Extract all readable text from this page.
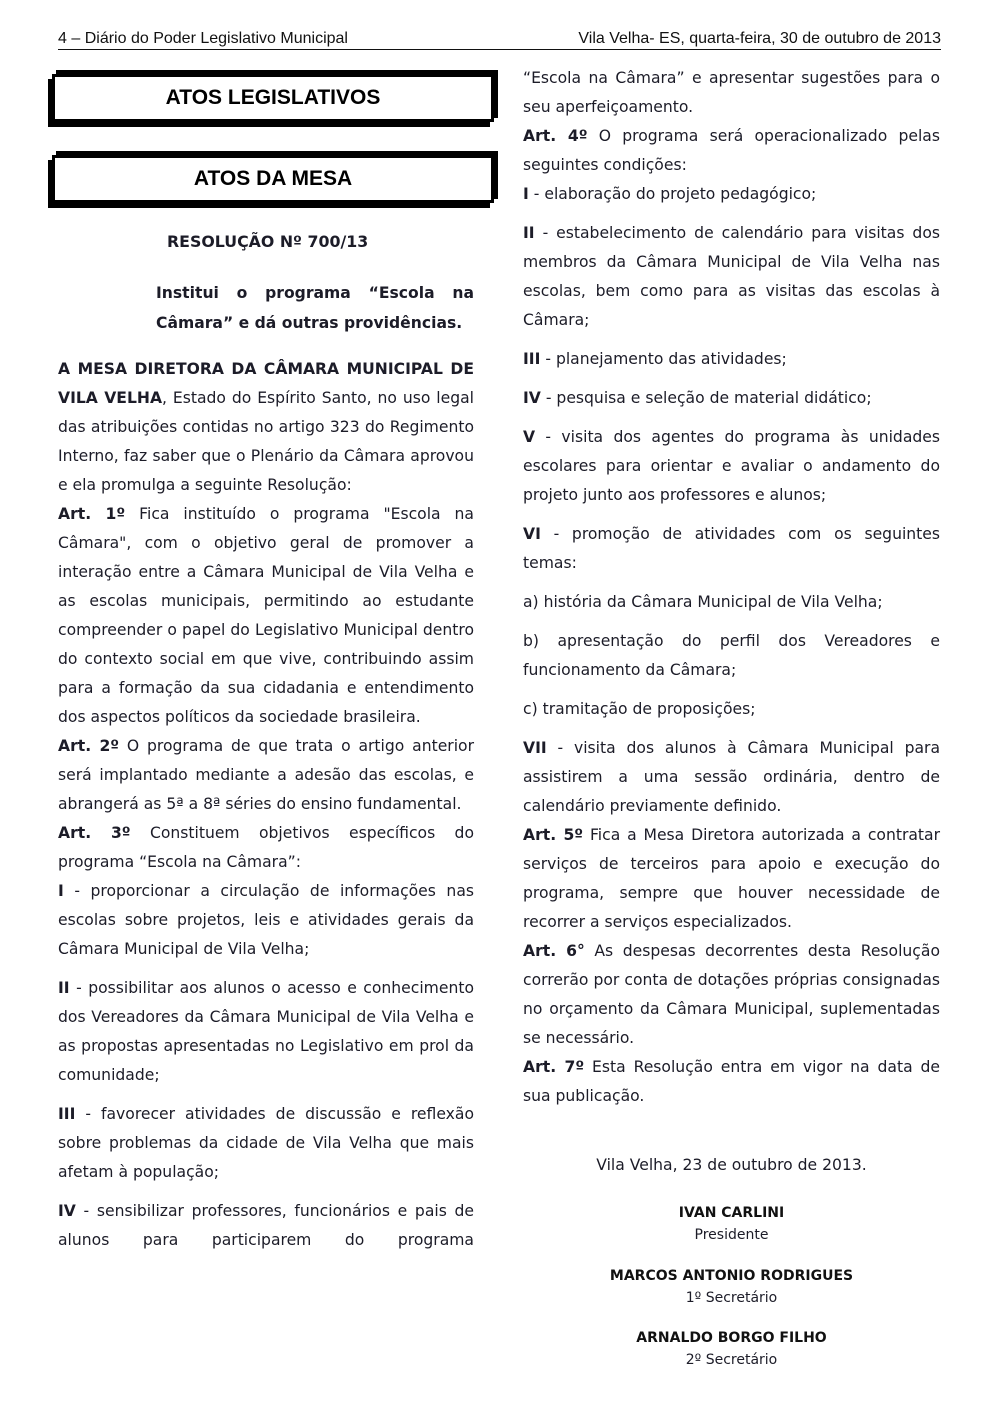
4 – Diário do Poder Legislativo Municipal	Vila Velha- ES, quarta-feira, 30 de outubro de 2013
ATOS LEGISLATIVOS
ATOS DA MESA
RESOLUÇÃO Nº 700/13
Institui o programa “Escola na
Câmara” e dá outras providências.

A MESA DIRETORA DA CÂMARA MUNICIPAL DE VILA VELHA, Estado do Espírito Santo, no uso legal das atribuições contidas no artigo 323 do Regimento Interno, faz saber que o Plenário da Câmara aprovou e ela promulga a seguinte Resolução:

Art. 1º Fica instituído o programa "Escola na Câmara", com o objetivo geral de promover a interação entre a Câmara Municipal de Vila Velha e as escolas municipais, permitindo ao estudante compreender o papel do Legislativo Municipal dentro do contexto social em que vive, contribuindo assim para a formação da sua cidadania e entendimento dos aspectos políticos da sociedade brasileira.

Art. 2º O programa de que trata o artigo anterior será implantado mediante a adesão das escolas, e abrangerá as 5ª a 8ª séries do ensino fundamental.

Art. 3º Constituem objetivos específicos do programa “Escola na Câmara”:

I - proporcionar a circulação de informações nas escolas sobre projetos, leis e atividades gerais da Câmara Municipal de Vila Velha;

II - possibilitar aos alunos o acesso e conhecimento dos Vereadores da Câmara Municipal de Vila Velha e as propostas apresentadas no Legislativo em prol da comunidade;

III - favorecer atividades de discussão e reflexão sobre problemas da cidade de Vila Velha que mais afetam à população;

IV - sensibilizar professores, funcionários e pais de alunos para participarem do programa

“Escola na Câmara” e apresentar sugestões para o seu aperfeiçoamento.

Art. 4º O programa será operacionalizado pelas seguintes condições:

I - elaboração do projeto pedagógico;

II - estabelecimento de calendário para visitas dos membros da Câmara Municipal de Vila Velha nas escolas, bem como para as visitas das escolas à Câmara;

III - planejamento das atividades;

IV - pesquisa e seleção de material didático;

V - visita dos agentes do programa às unidades escolares para orientar e avaliar o andamento do projeto junto aos professores e alunos;

VI - promoção de atividades com os seguintes temas:

a) história da Câmara Municipal de Vila Velha;

b) apresentação do perfil dos Vereadores e funcionamento da Câmara;

c) tramitação de proposições;

VII - visita dos alunos à Câmara Municipal para assistirem a uma sessão ordinária, dentro de calendário previamente definido.

Art. 5º Fica a Mesa Diretora autorizada a contratar serviços de terceiros para apoio e execução do programa, sempre que houver necessidade de recorrer a serviços especializados.

Art. 6° As despesas decorrentes desta Resolução correrão por conta de dotações próprias consignadas no orçamento da Câmara Municipal, suplementadas se necessário.

Art. 7º Esta Resolução entra em vigor na data de sua publicação.

Vila Velha, 23 de outubro de 2013.
IVAN CARLINI
Presidente
MARCOS ANTONIO RODRIGUES
1º Secretário
ARNALDO BORGO FILHO
2º Secretário
